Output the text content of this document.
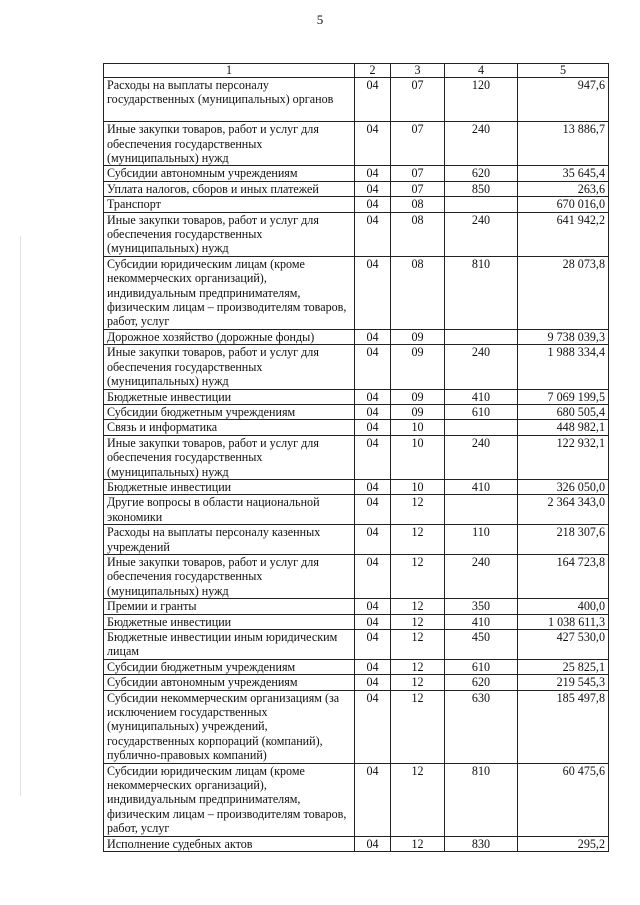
5
1	2	3	4	5
Расходы на выплаты персоналу государственных (муниципальных) органов	04	07	120	947,6
Иные закупки товаров, работ и услуг для обеспечения государственных (муниципальных) нужд	04	07	240	13 886,7
Субсидии автономным учреждениям	04	07	620	35 645,4
Уплата налогов, сборов и иных платежей	04	07	850	263,6
Транспорт	04	08		670 016,0
Иные закупки товаров, работ и услуг для обеспечения государственных (муниципальных) нужд	04	08	240	641 942,2
Субсидии юридическим лицам (кроме некоммерческих организаций), индивидуальным предпринимателям, физическим лицам – производителям товаров, работ, услуг	04	08	810	28 073,8
Дорожное хозяйство (дорожные фонды)	04	09		9 738 039,3
Иные закупки товаров, работ и услуг для обеспечения государственных (муниципальных) нужд	04	09	240	1 988 334,4
Бюджетные инвестиции	04	09	410	7 069 199,5
Субсидии бюджетным учреждениям	04	09	610	680 505,4
Связь и информатика	04	10		448 982,1
Иные закупки товаров, работ и услуг для обеспечения государственных (муниципальных) нужд	04	10	240	122 932,1
Бюджетные инвестиции	04	10	410	326 050,0
Другие вопросы в области национальной экономики	04	12		2 364 343,0
Расходы на выплаты персоналу казенных учреждений	04	12	110	218 307,6
Иные закупки товаров, работ и услуг для обеспечения государственных (муниципальных) нужд	04	12	240	164 723,8
Премии и гранты	04	12	350	400,0
Бюджетные инвестиции	04	12	410	1 038 611,3
Бюджетные инвестиции иным юридическим лицам	04	12	450	427 530,0
Субсидии бюджетным учреждениям	04	12	610	25 825,1
Субсидии автономным учреждениям	04	12	620	219 545,3
Субсидии некоммерческим организациям (за исключением государственных (муниципальных) учреждений, государственных корпораций (компаний), публично-правовых компаний)	04	12	630	185 497,8
Субсидии юридическим лицам (кроме некоммерческих организаций), индивидуальным предпринимателям, физическим лицам – производителям товаров, работ, услуг	04	12	810	60 475,6
Исполнение судебных актов	04	12	830	295,2
